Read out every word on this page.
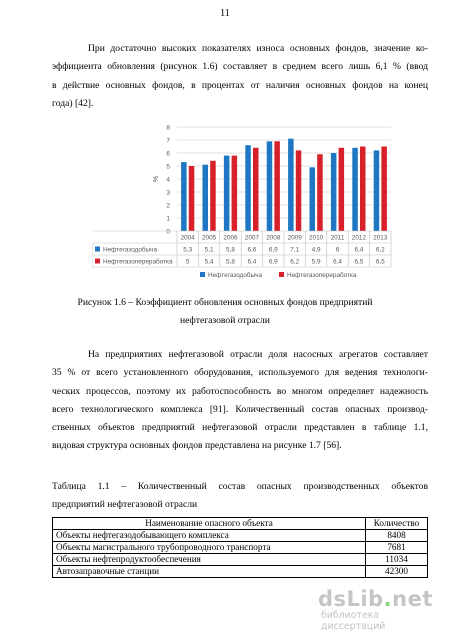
11

При достаточно высоких показателях износа основных фондов, значение ко-
эффициента обновления (рисунок 1.6) составляет в среднем всего лишь 6,1 % (ввод
в действие основных фондов, в процентах от наличия основных фондов на конец
года) [42].

0
1
2
3
4
5
6
7
8
%
2004 2005 2006 2007 2008 2009 2010 2011 2012 2013
Нефтегазодобыча	5,3 5,1 5,8 6,6 6,9 7,1 4,9 6 6,4 6,2
Нефтегазопереработка 5 5,4 5,8 6,4 6,9 6,2 5,9 6,4 6,5 6,5
Нефтегазодобыча	Нефтегазопереработка
Рисунок 1.6 – Коэффициент обновления основных фондов предприятий
нефтегазовой отрасли

На предприятиях нефтегазовой отрасли доля насосных агрегатов составляет
35 % от всего установленного оборудования, используемого для ведения технологи-
ческих процессов, поэтому их работоспособность во многом определяет надежность
всего технологического комплекса [91]. Количественный состав опасных производ-
ственных объектов предприятий нефтегазовой отрасли представлен в таблице 1.1,
видовая структура основных фондов представлена на рисунке 1.7 [56].

Таблица 1.1 – Количественный состав опасных производственных объектов
предприятий нефтегазовой отрасли

Наименование опасного объекта	Количество
Объекты нефтегазодобывающего комплекса	8408
Объекты магистрального трубопроводного транспорта	7681
Объекты нефтепродуктообеспечения	11034
Автозаправочные станции	42300
dsLib.net
библиотека диссертаций
